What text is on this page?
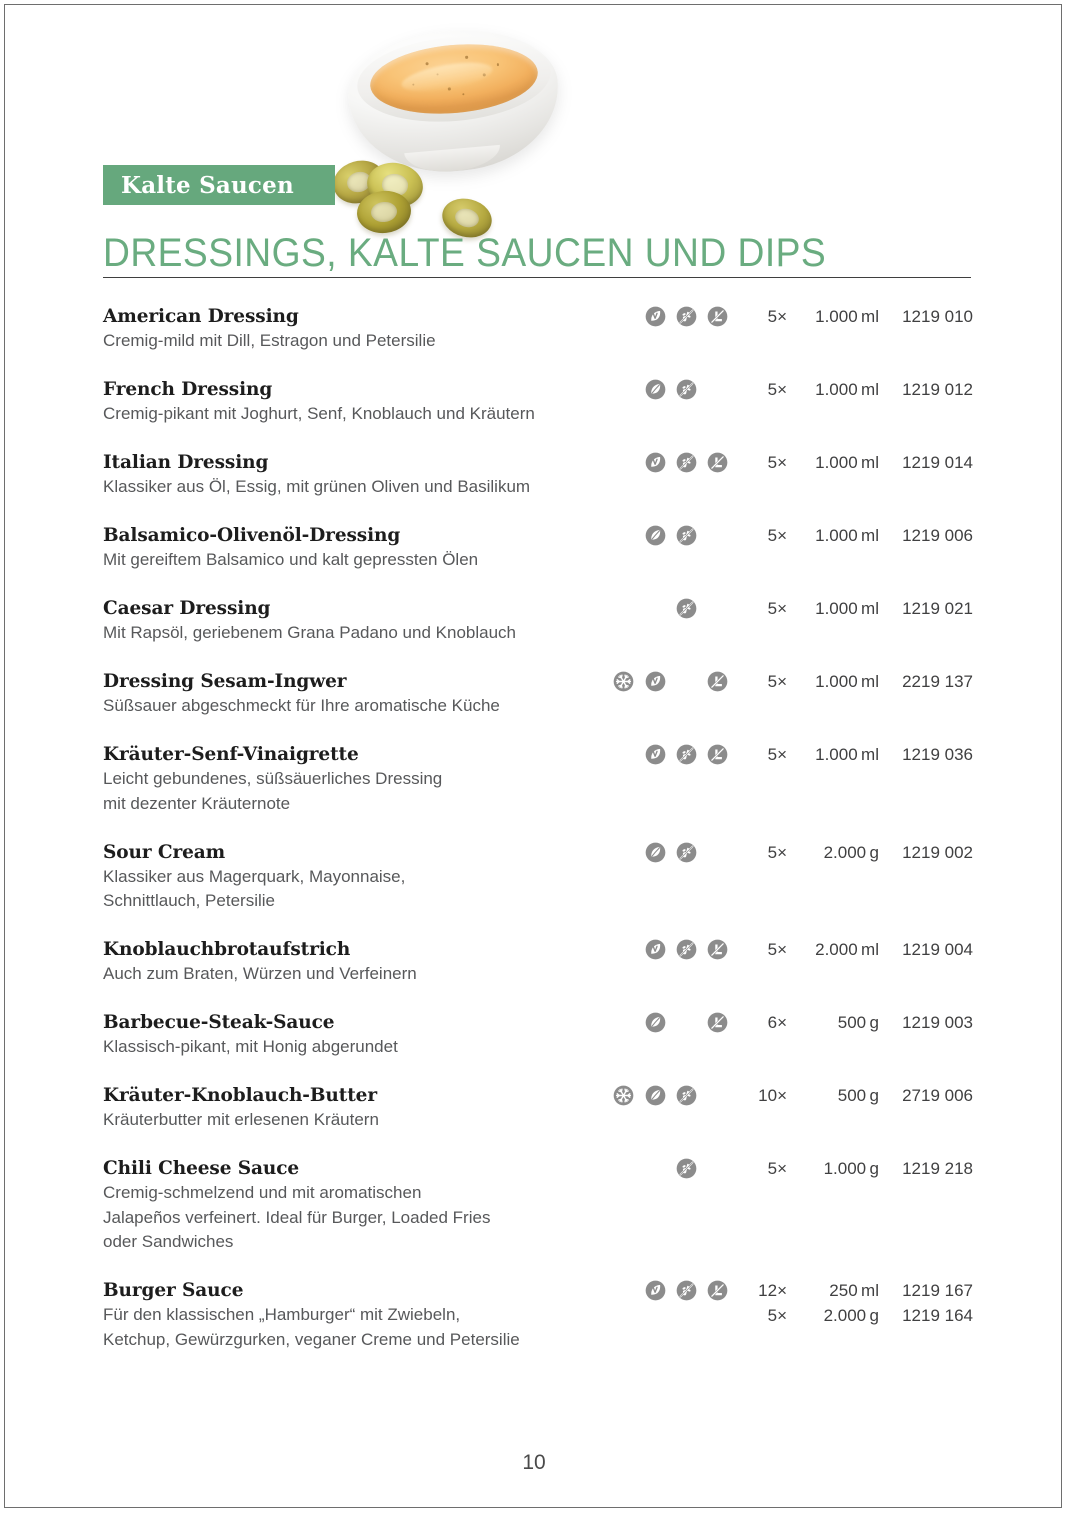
Kalte Saucen
DRESSINGS, KALTE SAUCEN UND DIPS
American Dressing
Cremig-mild mit Dill, Estragon und Petersilie
5×	1.000 ml 1219 010
French Dressing
Cremig-pikant mit Joghurt, Senf, Knoblauch und Kräutern
5×	1.000 ml 1219 012
Italian Dressing
Klassiker aus Öl, Essig, mit grünen Oliven und Basilikum
5×	1.000 ml 1219 014
Balsamico-Olivenöl-Dressing
Mit gereiftem Balsamico und kalt gepressten Ölen
5×	1.000 ml 1219 006
Caesar Dressing
Mit Rapsöl, geriebenem Grana Padano und Knoblauch
5×	1.000 ml 1219 021
Dressing Sesam-Ingwer
Süßsauer abgeschmeckt für Ihre aromatische Küche
5×	1.000 ml 2219 137
Kräuter-Senf-Vinaigrette
Leicht gebundenes, süßsäuerliches Dressing
mit dezenter Kräuternote
5×	1.000 ml 1219 036
Sour Cream
Klassiker aus Magerquark, Mayonnaise,
Schnittlauch, Petersilie
5×	2.000 g 1219 002
Knoblauchbrotaufstrich
Auch zum Braten, Würzen und Verfeinern
5×	2.000 ml 1219 004
Barbecue-Steak-Sauce
Klassisch-pikant, mit Honig abgerundet
6×	500 g 1219 003
Kräuter-Knoblauch-Butter
Kräuterbutter mit erlesenen Kräutern
10×	500 g 2719 006
Chili Cheese Sauce
Cremig-schmelzend und mit aromatischen
Jalapeños verfeinert. Ideal für Burger, Loaded Fries
oder Sandwiches
5×	1.000 g 1219 218
Burger Sauce
Für den klassischen „Hamburger“ mit Zwiebeln,
Ketchup, Gewürzgurken, veganer Creme und Petersilie
12×	250 ml 1219 167
5×	2.000 g 1219 164
10
